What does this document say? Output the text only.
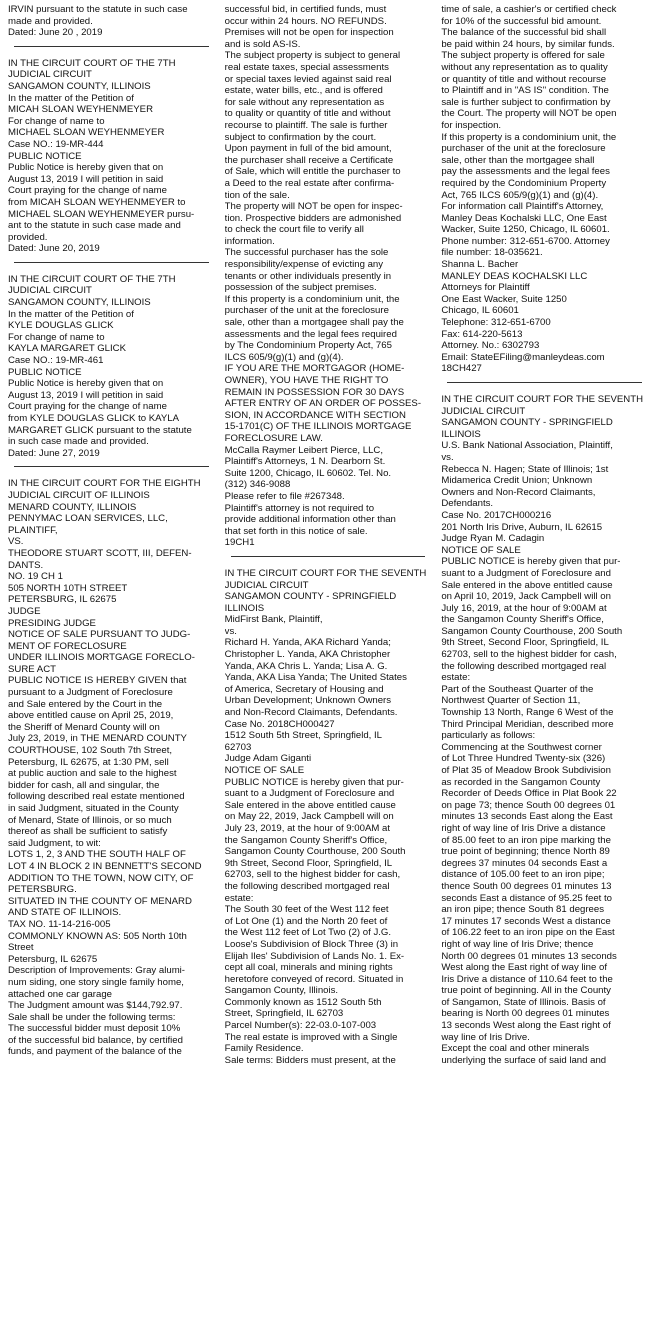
IRVIN pursuant to the statute in such case
made and provided.
Dated: June 20 , 2019
IN THE CIRCUIT COURT OF THE 7TH
JUDICIAL CIRCUIT
SANGAMON COUNTY, ILLINOIS
In the matter of the Petition of
MICAH SLOAN WEYHENMEYER
For change of name to
MICHAEL SLOAN WEYHENMEYER
Case NO.: 19-MR-444
PUBLIC NOTICE
Public Notice is hereby given that on
August 13, 2019 I will petition in said
Court praying for the change of name
from MICAH SLOAN WEYHENMEYER to
MICHAEL SLOAN WEYHENMEYER pursu-
ant to the statute in such case made and
provided.
Dated: June 20, 2019
IN THE CIRCUIT COURT OF THE 7TH
JUDICIAL CIRCUIT
SANGAMON COUNTY, ILLINOIS
In the matter of the Petition of
KYLE DOUGLAS GLICK
For change of name to
KAYLA MARGARET GLICK
Case NO.: 19-MR-461
PUBLIC NOTICE
Public Notice is hereby given that on
August 13, 2019 I will petition in said
Court praying for the change of name
from KYLE DOUGLAS GLICK to KAYLA
MARGARET GLICK pursuant to the statute
in such case made and provided.
Dated: June 27, 2019
IN THE CIRCUIT COURT FOR THE EIGHTH
JUDICIAL CIRCUIT OF ILLINOIS
MENARD COUNTY, ILLINOIS
PENNYMAC LOAN SERVICES, LLC,
PLAINTIFF,
VS.
THEODORE STUART SCOTT, III, DEFEN-
DANTS.
NO. 19 CH 1
505 NORTH 10TH STREET
PETERSBURG, IL 62675
JUDGE
PRESIDING JUDGE
NOTICE OF SALE PURSUANT TO JUDG-
MENT OF FORECLOSURE
UNDER ILLINOIS MORTGAGE FORECLO-
SURE ACT
PUBLIC NOTICE IS HEREBY GIVEN that
pursuant to a Judgment of Foreclosure
and Sale entered by the Court in the
above entitled cause on April 25, 2019,
the Sheriff of Menard County will on
July 23, 2019, in THE MENARD COUNTY
COURTHOUSE, 102 South 7th Street,
Petersburg, IL 62675, at 1:30 PM, sell
at public auction and sale to the highest
bidder for cash, all and singular, the
following described real estate mentioned
in said Judgment, situated in the County
of Menard, State of Illinois, or so much
thereof as shall be sufficient to satisfy
said Judgment, to wit:
LOTS 1, 2, 3 AND THE SOUTH HALF OF
LOT 4 IN BLOCK 2 IN BENNETT'S SECOND
ADDITION TO THE TOWN, NOW CITY, OF
PETERSBURG.
SITUATED IN THE COUNTY OF MENARD
AND STATE OF ILLINOIS.
TAX NO. 11-14-216-005
COMMONLY KNOWN AS: 505 North 10th
Street
Petersburg, IL 62675
Description of Improvements: Gray alumi-
num siding, one story single family home,
attached one car garage
The Judgment amount was $144,792.97.
Sale shall be under the following terms:
The successful bidder must deposit 10%
of the successful bid balance, by certified
funds, and payment of the balance of the
successful bid, in certified funds, must
occur within 24 hours. NO REFUNDS.
Premises will not be open for inspection
and is sold AS-IS.
The subject property is subject to general
real estate taxes, special assessments
or special taxes levied against said real
estate, water bills, etc., and is offered
for sale without any representation as
to quality or quantity of title and without
recourse to plaintiff. The sale is further
subject to confirmation by the court.
Upon payment in full of the bid amount,
the purchaser shall receive a Certificate
of Sale, which will entitle the purchaser to
a Deed to the real estate after confirma-
tion of the sale.
The property will NOT be open for inspec-
tion. Prospective bidders are admonished
to check the court file to verify all
information.
The successful purchaser has the sole
responsibility/expense of evicting any
tenants or other individuals presently in
possession of the subject premises.
If this property is a condominium unit, the
purchaser of the unit at the foreclosure
sale, other than a mortgagee shall pay the
assessments and the legal fees required
by The Condominium Property Act, 765
ILCS 605/9(g)(1) and (g)(4).
IF YOU ARE THE MORTGAGOR (HOME-
OWNER), YOU HAVE THE RIGHT TO
REMAIN IN POSSESSION FOR 30 DAYS
AFTER ENTRY OF AN ORDER OF POSSES-
SION, IN ACCORDANCE WITH SECTION
15-1701(C) OF THE ILLINOIS MORTGAGE
FORECLOSURE LAW.
McCalla Raymer Leibert Pierce, LLC,
Plaintiff's Attorneys, 1 N. Dearborn St.
Suite 1200, Chicago, IL 60602. Tel. No.
(312) 346-9088
Please refer to file #267348.
Plaintiff's attorney is not required to
provide additional information other than
that set forth in this notice of sale.
19CH1
IN THE CIRCUIT COURT FOR THE SEVENTH
JUDICIAL CIRCUIT
SANGAMON COUNTY - SPRINGFIELD
ILLINOIS
MidFirst Bank, Plaintiff,
vs.
Richard H. Yanda, AKA Richard Yanda;
Christopher L. Yanda, AKA Christopher
Yanda, AKA Chris L. Yanda; Lisa A. G.
Yanda, AKA Lisa Yanda; The United States
of America, Secretary of Housing and
Urban Development; Unknown Owners
and Non-Record Claimants, Defendants.
Case No. 2018CH000427
1512 South 5th Street, Springfield, IL
62703
Judge Adam Giganti
NOTICE OF SALE
PUBLIC NOTICE is hereby given that pur-
suant to a Judgment of Foreclosure and
Sale entered in the above entitled cause
on May 22, 2019, Jack Campbell will on
July 23, 2019, at the hour of 9:00AM at
the Sangamon County Sheriff's Office,
Sangamon County Courthouse, 200 South
9th Street, Second Floor, Springfield, IL
62703, sell to the highest bidder for cash,
the following described mortgaged real
estate:
The South 30 feet of the West 112 feet
of Lot One (1) and the North 20 feet of
the West 112 feet of Lot Two (2) of J.G.
Loose's Subdivision of Block Three (3) in
Elijah Iles' Subdivision of Lands No. 1. Ex-
cept all coal, minerals and mining rights
heretofore conveyed of record. Situated in
Sangamon County, Illinois.
Commonly known as 1512 South 5th
Street, Springfield, IL 62703
Parcel Number(s): 22-03.0-107-003
The real estate is improved with a Single
Family Residence.
Sale terms: Bidders must present, at the
time of sale, a cashier's or certified check
for 10% of the successful bid amount.
The balance of the successful bid shall
be paid within 24 hours, by similar funds.
The subject property is offered for sale
without any representation as to quality
or quantity of title and without recourse
to Plaintiff and in "AS IS" condition. The
sale is further subject to confirmation by
the Court. The property will NOT be open
for inspection.
If this property is a condominium unit, the
purchaser of the unit at the foreclosure
sale, other than the mortgagee shall
pay the assessments and the legal fees
required by the Condominium Property
Act, 765 ILCS 605/9(g)(1) and (g)(4).
For information call Plaintiff's Attorney,
Manley Deas Kochalski LLC, One East
Wacker, Suite 1250, Chicago, IL 60601.
Phone number: 312-651-6700. Attorney
file number: 18-035621.
Shanna L. Bacher
MANLEY DEAS KOCHALSKI LLC
Attorneys for Plaintiff
One East Wacker, Suite 1250
Chicago, IL 60601
Telephone: 312-651-6700
Fax: 614-220-5613
Attorney. No.: 6302793
Email: StateEFiling@manleydeas.com
18CH427
IN THE CIRCUIT COURT FOR THE SEVENTH
JUDICIAL CIRCUIT
SANGAMON COUNTY - SPRINGFIELD
ILLINOIS
U.S. Bank National Association, Plaintiff,
vs.
Rebecca N. Hagen; State of Illinois; 1st
Midamerica Credit Union; Unknown
Owners and Non-Record Claimants,
Defendants.
Case No. 2017CH000216
201 North Iris Drive, Auburn, IL 62615
Judge Ryan M. Cadagin
NOTICE OF SALE
PUBLIC NOTICE is hereby given that pur-
suant to a Judgment of Foreclosure and
Sale entered in the above entitled cause
on April 10, 2019, Jack Campbell will on
July 16, 2019, at the hour of 9:00AM at
the Sangamon County Sheriff's Office,
Sangamon County Courthouse, 200 South
9th Street, Second Floor, Springfield, IL
62703, sell to the highest bidder for cash,
the following described mortgaged real
estate:
Part of the Southeast Quarter of the
Northwest Quarter of Section 11,
Township 13 North, Range 6 West of the
Third Principal Meridian, described more
particularly as follows:
Commencing at the Southwest corner
of Lot Three Hundred Twenty-six (326)
of Plat 35 of Meadow Brook Subdivision
as recorded in the Sangamon County
Recorder of Deeds Office in Plat Book 22
on page 73; thence South 00 degrees 01
minutes 13 seconds East along the East
right of way line of Iris Drive a distance
of 85.00 feet to an iron pipe marking the
true point of beginning; thence North 89
degrees 37 minutes 04 seconds East a
distance of 105.00 feet to an iron pipe;
thence South 00 degrees 01 minutes 13
seconds East a distance of 95.25 feet to
an iron pipe; thence South 81 degrees
17 minutes 17 seconds West a distance
of 106.22 feet to an iron pipe on the East
right of way line of Iris Drive; thence
North 00 degrees 01 minutes 13 seconds
West along the East right of way line of
Iris Drive a distance of 110.64 feet to the
true point of beginning. All in the County
of Sangamon, State of Illinois. Basis of
bearing is North 00 degrees 01 minutes
13 seconds West along the East right of
way line of Iris Drive.
Except the coal and other minerals
underlying the surface of said land and
